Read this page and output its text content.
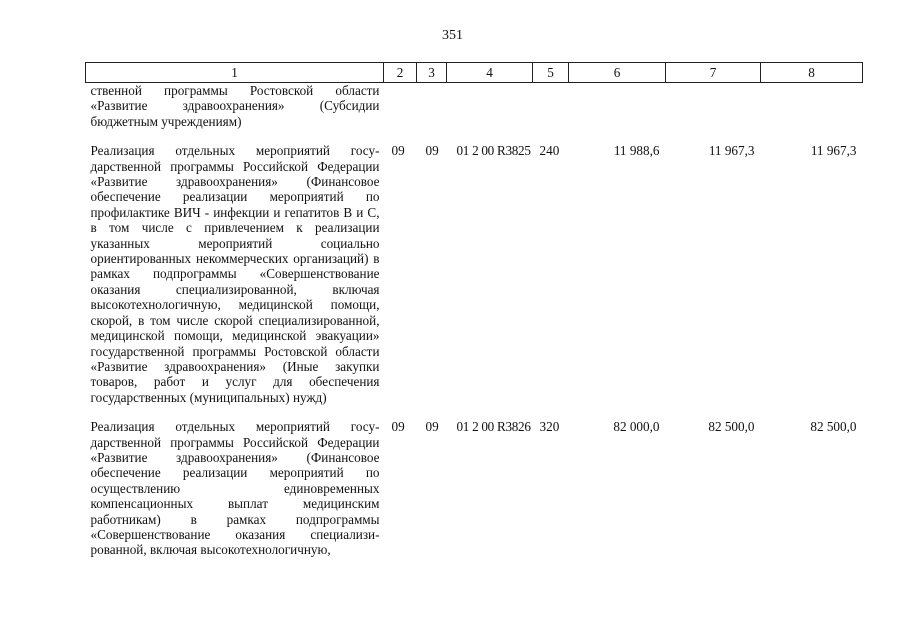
351
1	2	3	4	5	6	7	8
ственной программы Ростовской области «Развитие здравоохранения» (Субсидии бюджетным учреждениям)							
Реализация отдельных мероприятий государственной программы Российской Федерации «Развитие здравоохранения» (Финансовое обеспечение реализации мероприятий по профилактике ВИЧ - инфекции и гепатитов В и С, в том числе с привлечением к реализации указанных мероприятий социально ориентированных некоммерческих организаций) в рамках подпрограммы «Совершенствование оказания специализированной, включая высокотехнологичную, медицинской помощи, скорой, в том числе скорой специализированной, медицинской помощи, медицинской эвакуации» государственной программы Ростовской области «Развитие здравоохранения» (Иные закупки товаров, работ и услуг для обеспечения государственных (муниципальных) нужд)	09	09	01 2 00 R3825	240	11 988,6	11 967,3	11 967,3
Реализация отдельных мероприятий государственной программы Российской Федерации «Развитие здравоохранения» (Финансовое обеспечение реализации мероприятий по осуществлению единовременных компенсационных выплат медицинским работникам) в рамках подпрограммы «Совершенствование оказания специализированной, включая высокотехнологичную,	09	09	01 2 00 R3826	320	82 000,0	82 500,0	82 500,0
